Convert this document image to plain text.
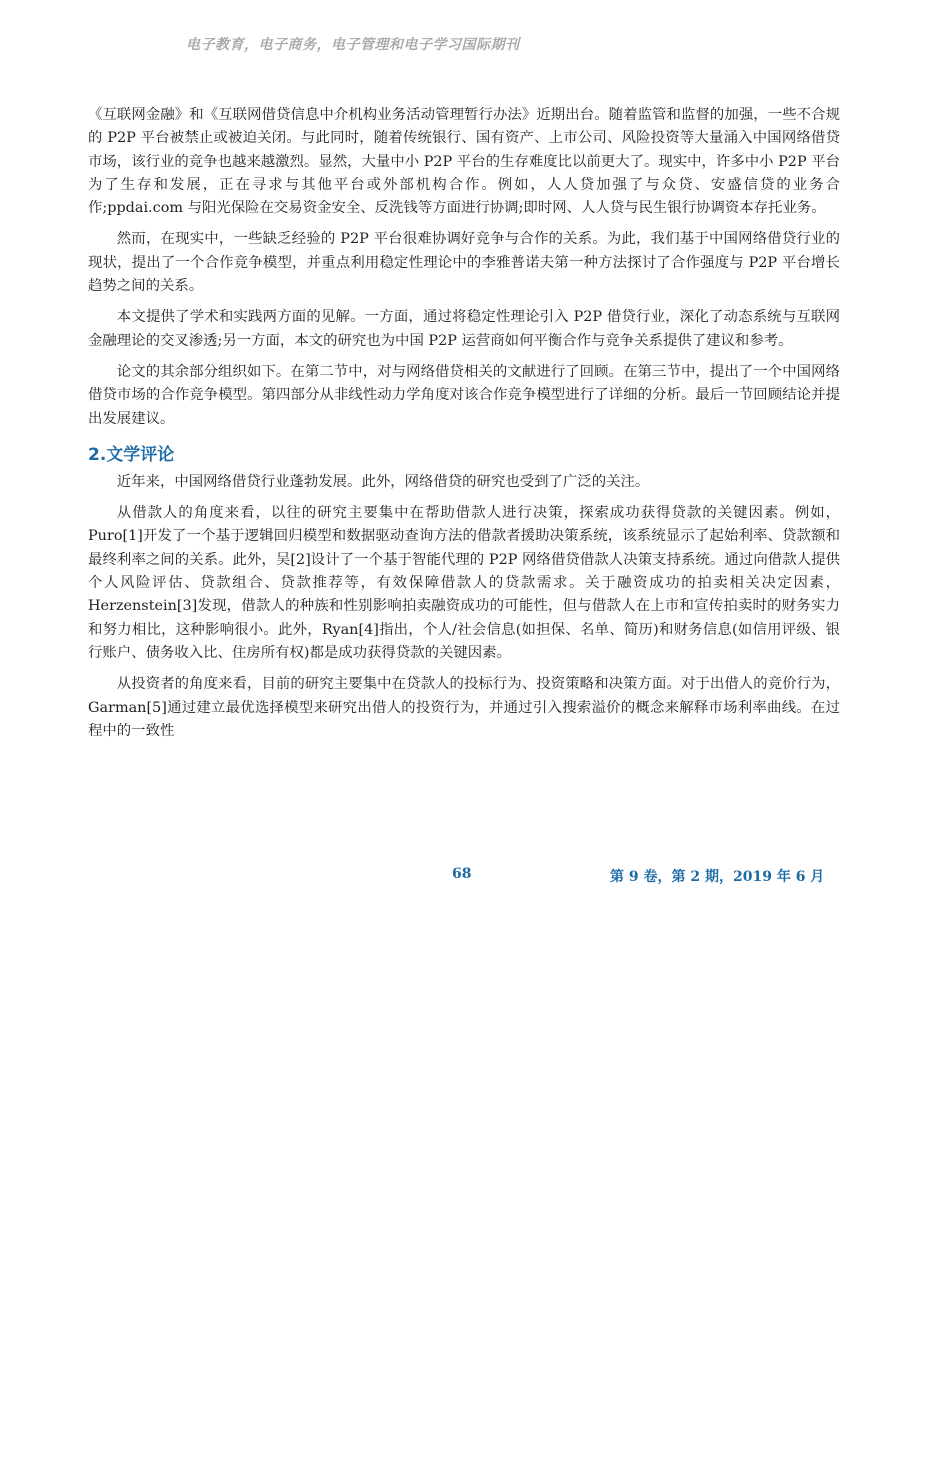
电子教育，电子商务，电子管理和电子学习国际期刊

《互联网金融》和《互联网借贷信息中介机构业务活动管理暂行办法》近期出台。随着监管和监督的加强，一些不合规的 P2P 平台被禁止或被迫关闭。与此同时，随着传统银行、国有资产、上市公司、风险投资等大量涌入中国网络借贷市场，该行业的竞争也越来越激烈。显然，大量中小 P2P 平台的生存难度比以前更大了。现实中，许多中小 P2P 平台为了生存和发展，正在寻求与其他平台或外部机构合作。例如，人人贷加强了与众贷、安盛信贷的业务合作;ppdai.com 与阳光保险在交易资金安全、反洗钱等方面进行协调;即时网、人人贷与民生银行协调资本存托业务。

然而，在现实中，一些缺乏经验的 P2P 平台很难协调好竞争与合作的关系。为此，我们基于中国网络借贷行业的现状，提出了一个合作竞争模型，并重点利用稳定性理论中的李雅普诺夫第一种方法探讨了合作强度与 P2P 平台增长趋势之间的关系。

本文提供了学术和实践两方面的见解。一方面，通过将稳定性理论引入 P2P 借贷行业，深化了动态系统与互联网金融理论的交叉渗透;另一方面，本文的研究也为中国 P2P 运营商如何平衡合作与竞争关系提供了建议和参考。

论文的其余部分组织如下。在第二节中，对与网络借贷相关的文献进行了回顾。在第三节中，提出了一个中国网络借贷市场的合作竞争模型。第四部分从非线性动力学角度对该合作竞争模型进行了详细的分析。最后一节回顾结论并提出发展建议。

2.文学评论

近年来，中国网络借贷行业蓬勃发展。此外，网络借贷的研究也受到了广泛的关注。

从借款人的角度来看，以往的研究主要集中在帮助借款人进行决策，探索成功获得贷款的关键因素。例如，Puro[1]开发了一个基于逻辑回归模型和数据驱动查询方法的借款者援助决策系统，该系统显示了起始利率、贷款额和最终利率之间的关系。此外，吴[2]设计了一个基于智能代理的 P2P 网络借贷借款人决策支持系统。通过向借款人提供个人风险评估、贷款组合、贷款推荐等，有效保障借款人的贷款需求。关于融资成功的拍卖相关决定因素，Herzenstein[3]发现，借款人的种族和性别影响拍卖融资成功的可能性，但与借款人在上市和宣传拍卖时的财务实力和努力相比，这种影响很小。此外，Ryan[4]指出，个人/社会信息(如担保、名单、简历)和财务信息(如信用评级、银行账户、债务收入比、住房所有权)都是成功获得贷款的关键因素。

从投资者的角度来看，目前的研究主要集中在贷款人的投标行为、投资策略和决策方面。对于出借人的竞价行为，Garman[5]通过建立最优选择模型来研究出借人的投资行为，并通过引入搜索溢价的概念来解释市场利率曲线。在过程中的一致性

68	第 9 卷，第 2 期，2019 年 6 月
